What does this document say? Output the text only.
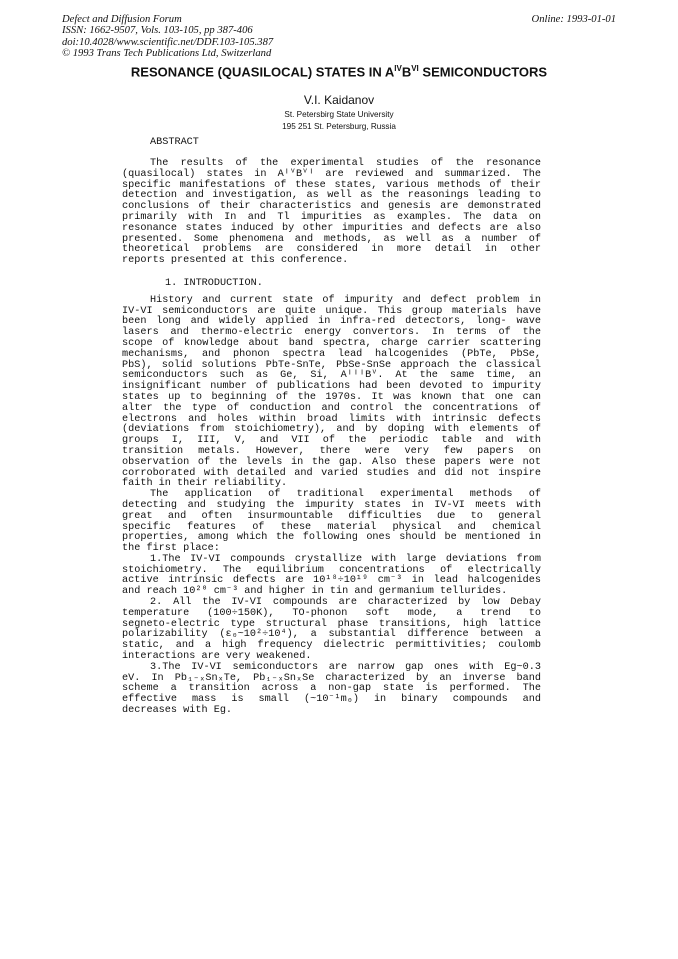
Defect and Diffusion Forum
ISSN: 1662-9507, Vols. 103-105, pp 387-406
doi:10.4028/www.scientific.net/DDF.103-105.387
© 1993 Trans Tech Publications Ltd, Switzerland
Online: 1993-01-01
RESONANCE (QUASILOCAL) STATES IN $A^{IV}B^{VI}$ SEMICONDUCTORS
V.I. Kaidanov
St. Petersbirg State University
195 251 St. Petersburg, Russia
ABSTRACT
The results of the experimental studies of the resonance
(quasilocal) states in AᴵⱽBⱽᴵ are reviewed and summarized. The
specific manifestations of these states, various methods of their
detection and investigation, as well as the reasonings leading to
conclusions of their characteristics and genesis are demonstrated
primarily with In and Tl impurities as examples. The data on
resonance states induced by other impurities and defects are also
presented. Some phenomena and methods, as well as a number of
theoretical problems are considered in more detail in other
reports presented at this conference.
1. INTRODUCTION.
History and current state of impurity and defect problem in
IV-VI semiconductors are quite unique. This group materials have
been long and widely applied in infra-red detectors, long- wave
lasers and thermo-electric energy convertors. In terms of the
scope of knowledge about band spectra, charge carrier scattering
mechanisms, and phonon spectra lead halcogenides (PbTe, PbSe,
PbS), solid solutions PbTe-SnTe, PbSe-SnSe approach the classical
semiconductors such as Ge, Si, AᴵᴵᴵBⱽ. At the same time, an
insignificant number of publications had been devoted to impurity
states up to beginning of the 1970s. It was known that one can
alter the type of conduction and control the concentrations of
electrons and holes within broad limits with intrinsic defects
(deviations from stoichiometry), and by doping with elements of
groups I, III, V, and VII of the periodic table and with
transition metals. However, there were very few papers on
observation of the levels in the gap. Also these papers were not
corroborated with detailed and varied studies and did not inspire
faith in their reliability.
The application of traditional experimental methods of
detecting and studying the impurity states in IV-VI meets with
great and often insurmountable difficulties due to general
specific features of these material physical and chemical
properties, among which the following ones should be mentioned in
the first place:
1.The IV-VI compounds crystallize with large deviations from
stoichiometry. The equilibrium concentrations of electrically
active intrinsic defects are 10¹⁸÷10¹⁹ cm⁻³ in lead halcogenides
and reach 10²⁰ cm⁻³ and higher in tin and germanium tellurides.
2. All the IV-VI compounds are characterized by low Debay
temperature (100÷150K), TO-phonon soft mode, a trend to
segneto-electric type structural phase transitions, high lattice
polarizability (ε₀~10²÷10⁴), a substantial difference between a
static, and a high frequency dielectric permittivities; coulomb
interactions are very weakened.
3.The IV-VI semiconductors are narrow gap ones with Eg~0.3
eV. In Pb₁₋ₓSnₓTe, Pb₁₋ₓSnₓSe characterized by an inverse band
scheme a transition across a non-gap state is performed. The
effective mass is small (~10⁻¹m₀) in binary compounds and
decreases with Eg.
